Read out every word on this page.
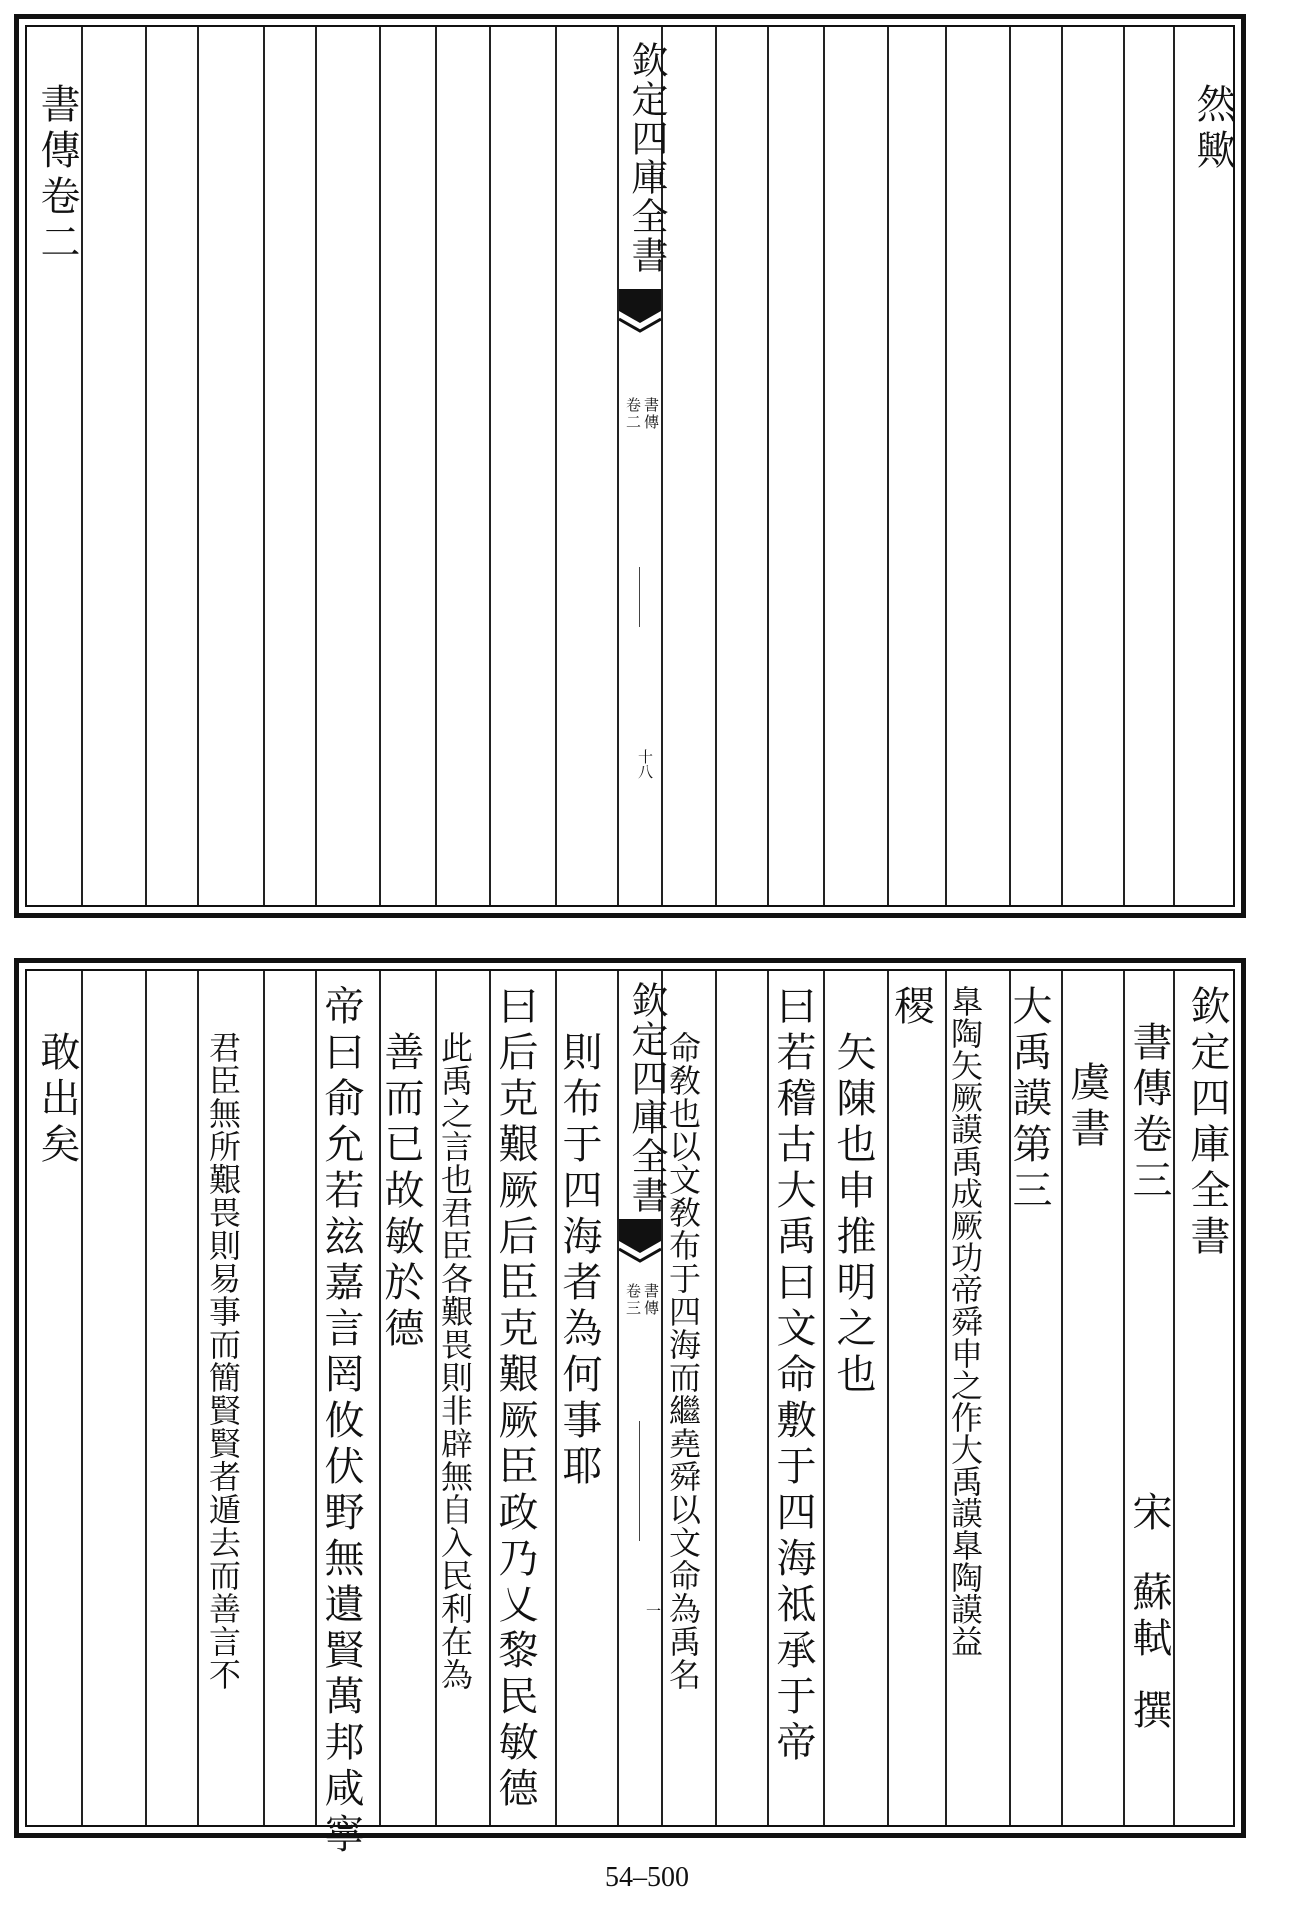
欽定四庫全書
書傳
卷二
十八
然歟
書傳卷二
欽定四庫全書
書傳
卷三
一
欽定四庫全書
書傳卷三
宋
蘇軾
撰
虞書
大禹謨第三
臯陶矢厥謨禹成厥功帝舜申之作大禹謨臯陶謨益
稷
矢陳也申推明之也
曰若稽古大禹曰文命敷于四海祗承于帝
命敎也以文敎布于四海而繼堯舜以文命為禹名
則布于四海者為何事耶
曰后克艱厥后臣克艱厥臣政乃乂黎民敏德
此禹之言也君臣各艱畏則非辟無自入民利在為
善而已故敏於德
帝曰俞允若玆嘉言罔攸伏野無遺賢萬邦咸寧
君臣無所艱畏則易事而簡賢賢者遁去而善言不
敢出矣
54–500
